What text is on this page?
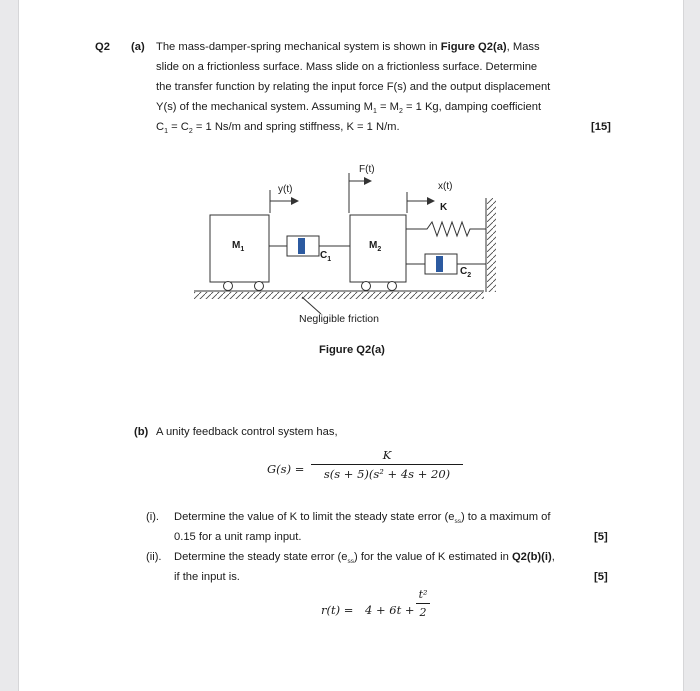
Q2 (a) The mass-damper-spring mechanical system is shown in Figure Q2(a), Mass
slide on a frictionless surface. Mass slide on a frictionless surface. Determine
the transfer function by relating the input force F(s) and the output displacement
Y(s) of the mechanical system. Assuming $M_1 = M_2 = 1$ Kg, damping coefficient
$C_1 = C_2 = 1$ Ns/m and spring stiffness, K = 1 N/m.	[15]
y(t)
F(t)
x(t)
K
$M_1$	$M_2$
$C_1$
$C_2$
Negligible friction
Figure Q2(a)
(b) A unity feedback control system has,
G(s) =
K
s(s + 5)(s² + 4s + 20)
(i). Determine the value of K to limit the steady state error $(e_{ss})$ to a maximum of
0.15 for a unit ramp input.	[5]
(ii). Determine the steady state error $(e_{ss})$ for the value of K estimated in Q2(b)(i),
if the input is.	[5]
r(t) = 4 + 6t +
t²
2
